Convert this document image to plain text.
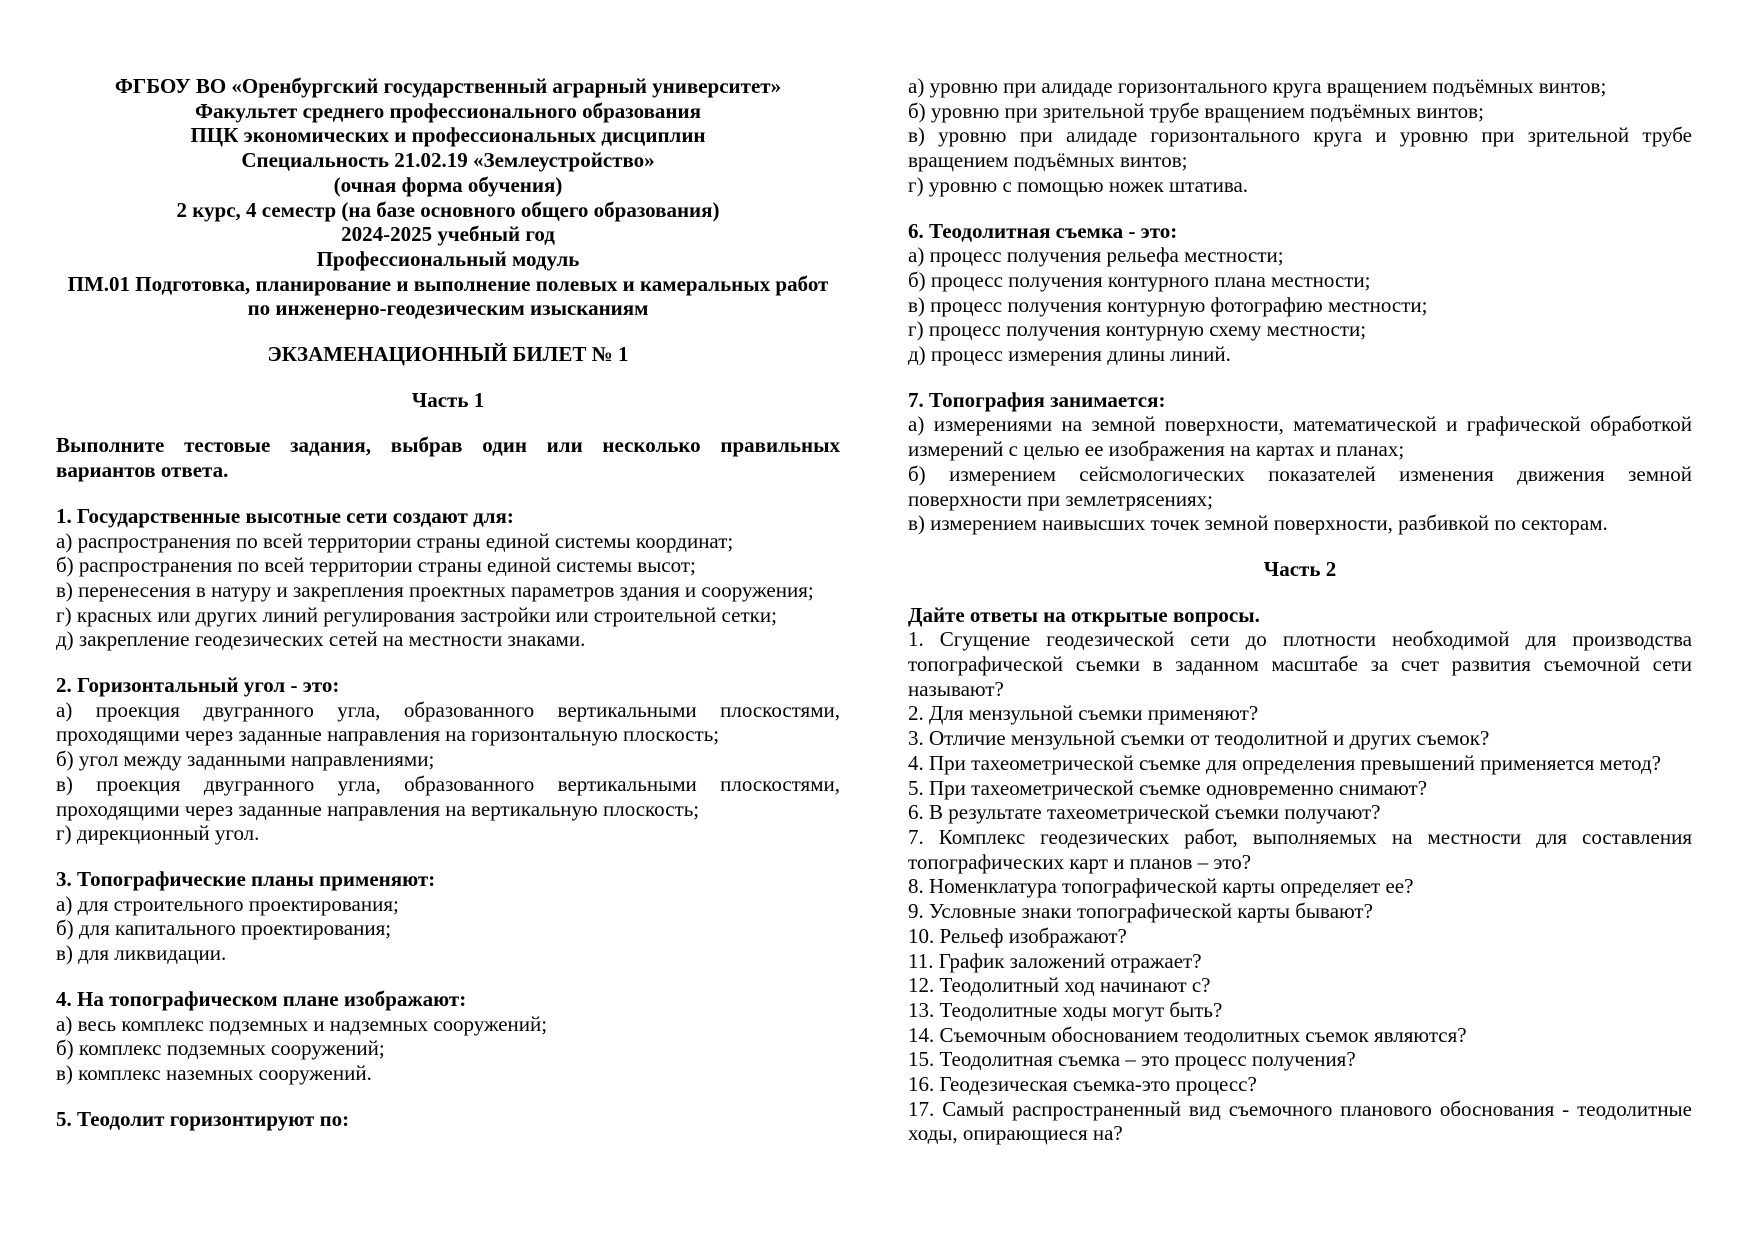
ФГБОУ ВО «Оренбургский государственный аграрный университет»
Факультет среднего профессионального образования
ПЦК экономических и профессиональных дисциплин
Специальность 21.02.19 «Землеустройство»
(очная форма обучения)
2 курс, 4 семестр (на базе основного общего образования)
2024-2025 учебный год
Профессиональный модуль
ПМ.01 Подготовка, планирование и выполнение полевых и камеральных работ
по инженерно-геодезическим изысканиям
ЭКЗАМЕНАЦИОННЫЙ БИЛЕТ № 1
Часть 1
Выполните тестовые задания, выбрав один или несколько правильных
вариантов ответа.
1. Государственные высотные сети создают для:
а) распространения по всей территории страны единой системы координат;
б) распространения по всей территории страны единой системы высот;
в) перенесения в натуру и закрепления проектных параметров здания и сооружения;
г) красных или других линий регулирования застройки или строительной сетки;
д) закрепление геодезических сетей на местности знаками.
2. Горизонтальный угол - это:
а) проекция двугранного угла, образованного вертикальными плоскостями,
проходящими через заданные направления на горизонтальную плоскость;
б) угол между заданными направлениями;
в) проекция двугранного угла, образованного вертикальными плоскостями,
проходящими через заданные направления на вертикальную плоскость;
г) дирекционный угол.
3. Топографические планы применяют:
а) для строительного проектирования;
б) для капитального проектирования;
в) для ликвидации.
4. На топографическом плане изображают:
а) весь комплекс подземных и надземных сооружений;
б) комплекс подземных сооружений;
в) комплекс наземных сооружений.
5. Теодолит горизонтируют по:
а) уровню при алидаде горизонтального круга вращением подъёмных винтов;
б) уровню при зрительной трубе вращением подъёмных винтов;
в) уровню при алидаде горизонтального круга и уровню при зрительной трубе
вращением подъёмных винтов;
г) уровню с помощью ножек штатива.
6. Теодолитная съемка - это:
а) процесс получения рельефа местности;
б) процесс получения контурного плана местности;
в) процесс получения контурную фотографию местности;
г) процесс получения контурную схему местности;
д) процесс измерения длины линий.
7. Топография занимается:
а) измерениями на земной поверхности, математической и графической обработкой
измерений с целью ее изображения на картах и планах;
б) измерением сейсмологических показателей изменения движения земной
поверхности при землетрясениях;
в) измерением наивысших точек земной поверхности, разбивкой по секторам.
Часть 2
Дайте ответы на открытые вопросы.
1. Сгущение геодезической сети до плотности необходимой для производства
топографической съемки в заданном масштабе за счет развития съемочной сети
называют?
2. Для мензульной съемки применяют?
3. Отличие мензульной съемки от теодолитной и других съемок?
4. При тахеометрической съемке для определения превышений применяется метод?
5. При тахеометрической съемке одновременно снимают?
6. В результате тахеометрической съемки получают?
7. Комплекс геодезических работ, выполняемых на местности для составления
топографических карт и планов – это?
8. Номенклатура топографической карты определяет ее?
9. Условные знаки топографической карты бывают?
10. Рельеф изображают?
11. График заложений отражает?
12. Теодолитный ход начинают с?
13. Теодолитные ходы могут быть?
14. Съемочным обоснованием теодолитных съемок являются?
15. Теодолитная съемка – это процесс получения?
16. Геодезическая съемка-это процесс?
17. Самый распространенный вид съемочного планового обоснования - теодолитные
ходы, опирающиеся на?
